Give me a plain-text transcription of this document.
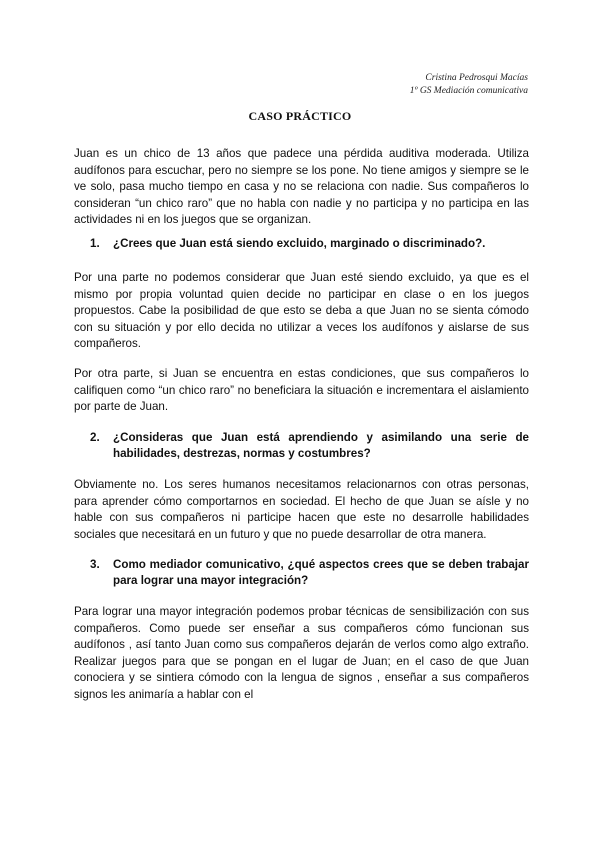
Cristina Pedrosqui Macías
1º GS Mediación comunicativa
CASO PRÁCTICO

Juan es un chico de 13 años que padece una pérdida auditiva moderada. Utiliza audífonos para escuchar, pero no siempre se los pone. No tiene amigos y siempre se le ve solo, pasa mucho tiempo en casa y no se relaciona con nadie. Sus compañeros lo consideran “un chico raro” que no habla con nadie y no participa y no participa en las actividades ni en los juegos que se organizan.

1.	¿Crees que Juan está siendo excluido, marginado o discriminado?.

Por una parte no podemos considerar que Juan esté siendo excluido, ya que es el mismo por propia voluntad quien decide no participar en clase o en los juegos propuestos. Cabe la posibilidad de que esto se deba a que Juan no se sienta cómodo con su situación y por ello decida no utilizar a veces los audífonos y aislarse de sus compañeros.

Por otra parte, si Juan se encuentra en estas condiciones, que sus compañeros lo califiquen como “un chico raro” no beneficiara la situación e incrementara el aislamiento por parte de Juan.

2.	¿Consideras que Juan está aprendiendo y asimilando una serie de habilidades, destrezas, normas y costumbres?

Obviamente no. Los seres humanos necesitamos relacionarnos con otras personas, para aprender cómo comportarnos en sociedad. El hecho de que Juan se aísle y no hable con sus compañeros ni participe hacen que este no desarrolle habilidades sociales que necesitará en un futuro y que no puede desarrollar de otra manera.

3.	Como mediador comunicativo, ¿qué aspectos crees que se deben trabajar para lograr una mayor integración?

Para lograr una mayor integración podemos probar técnicas de sensibilización con sus compañeros. Como puede ser enseñar a sus compañeros cómo funcionan sus audífonos , así tanto Juan como sus compañeros dejarán de verlos como algo extraño. Realizar juegos para que se pongan en el lugar de Juan; en el caso de que Juan conociera y se sintiera cómodo con la lengua de signos , enseñar a sus compañeros signos les animaría a hablar con el
